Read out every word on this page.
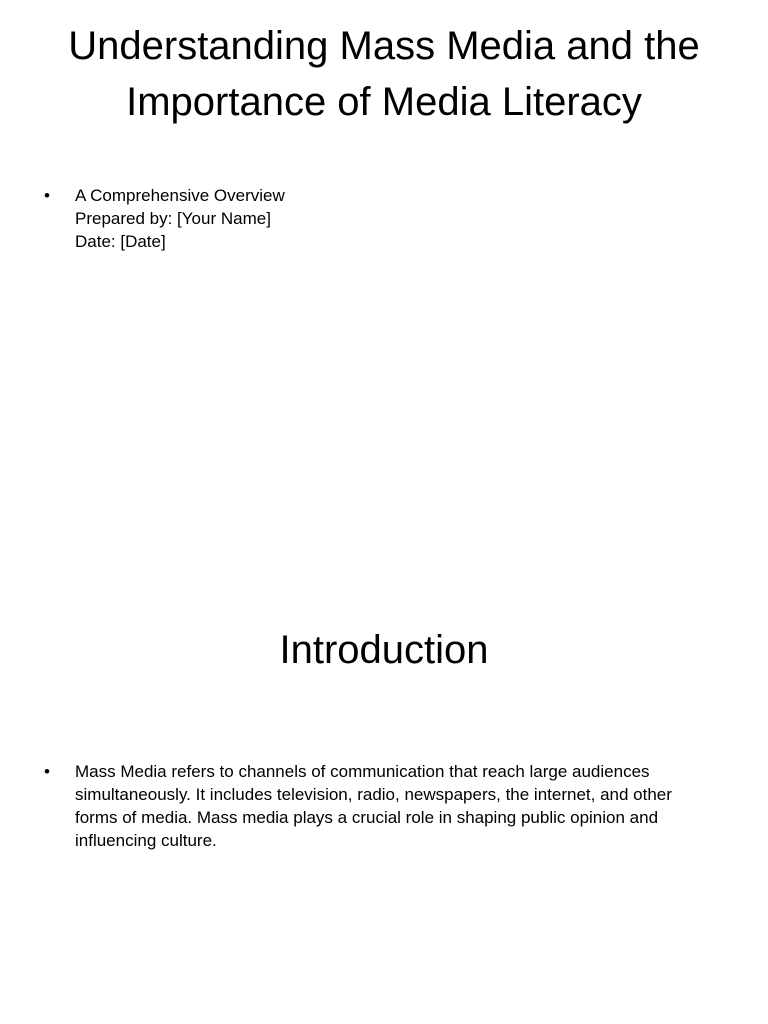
Understanding Mass Media and the Importance of Media Literacy
• A Comprehensive Overview
Prepared by: [Your Name]
Date: [Date]
Introduction
• Mass Media refers to channels of communication that reach large audiences simultaneously. It includes television, radio, newspapers, the internet, and other forms of media. Mass media plays a crucial role in shaping public opinion and influencing culture.
